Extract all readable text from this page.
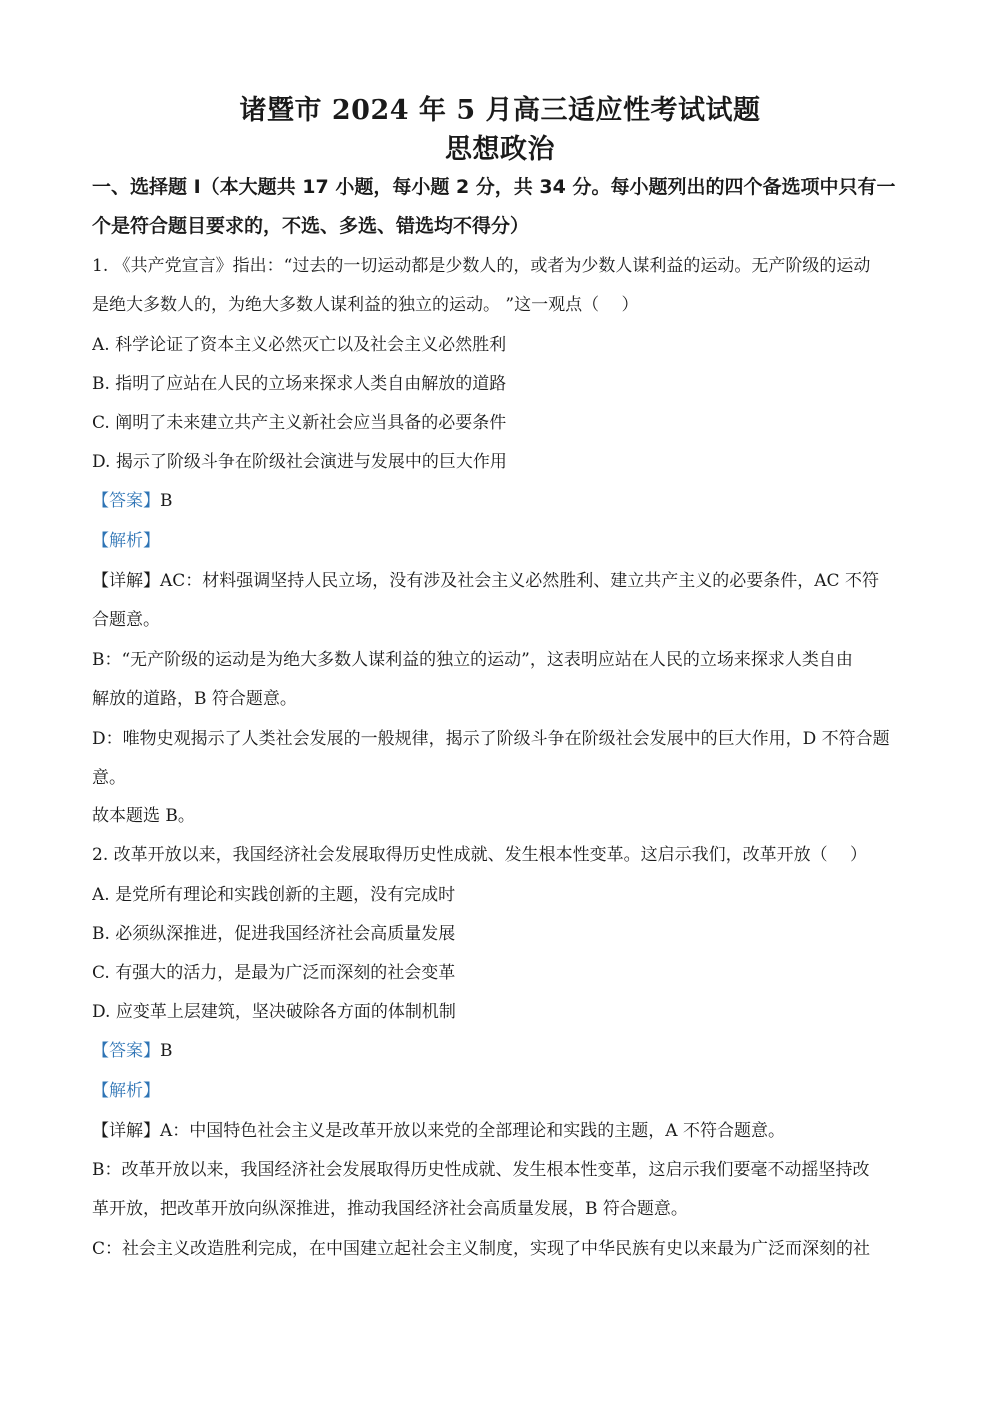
诸暨市 2024 年 5 月高三适应性考试试题
思想政治
一、选择题 I（本大题共 17 小题，每小题 2 分，共 34 分。每小题列出的四个备选项中只有一
个是符合题目要求的，不选、多选、错选均不得分）
1. 《共产党宣言》指出：“过去的一切运动都是少数人的，或者为少数人谋利益的运动。无产阶级的运动
是绝大多数人的，为绝大多数人谋利益的独立的运动。 ”这一观点（　 ）
A. 科学论证了资本主义必然灭亡以及社会主义必然胜利
B. 指明了应站在人民的立场来探求人类自由解放的道路
C. 阐明了未来建立共产主义新社会应当具备的必要条件
D. 揭示了阶级斗争在阶级社会演进与发展中的巨大作用
【答案】B
【解析】
【详解】AC：材料强调坚持人民立场，没有涉及社会主义必然胜利、建立共产主义的必要条件，AC 不符
合题意。
B：“无产阶级的运动是为绝大多数人谋利益的独立的运动”，这表明应站在人民的立场来探求人类自由
解放的道路，B 符合题意。
D：唯物史观揭示了人类社会发展的一般规律，揭示了阶级斗争在阶级社会发展中的巨大作用，D 不符合题
意。
故本题选 B。
2. 改革开放以来，我国经济社会发展取得历史性成就、发生根本性变革。这启示我们，改革开放（　 ）
A. 是党所有理论和实践创新的主题，没有完成时
B. 必须纵深推进，促进我国经济社会高质量发展
C. 有强大的活力，是最为广泛而深刻的社会变革
D. 应变革上层建筑，坚决破除各方面的体制机制
【答案】B
【解析】
【详解】A：中国特色社会主义是改革开放以来党的全部理论和实践的主题，A 不符合题意。
B：改革开放以来，我国经济社会发展取得历史性成就、发生根本性变革，这启示我们要毫不动摇坚持改
革开放，把改革开放向纵深推进，推动我国经济社会高质量发展，B 符合题意。
C：社会主义改造胜利完成，在中国建立起社会主义制度，实现了中华民族有史以来最为广泛而深刻的社
